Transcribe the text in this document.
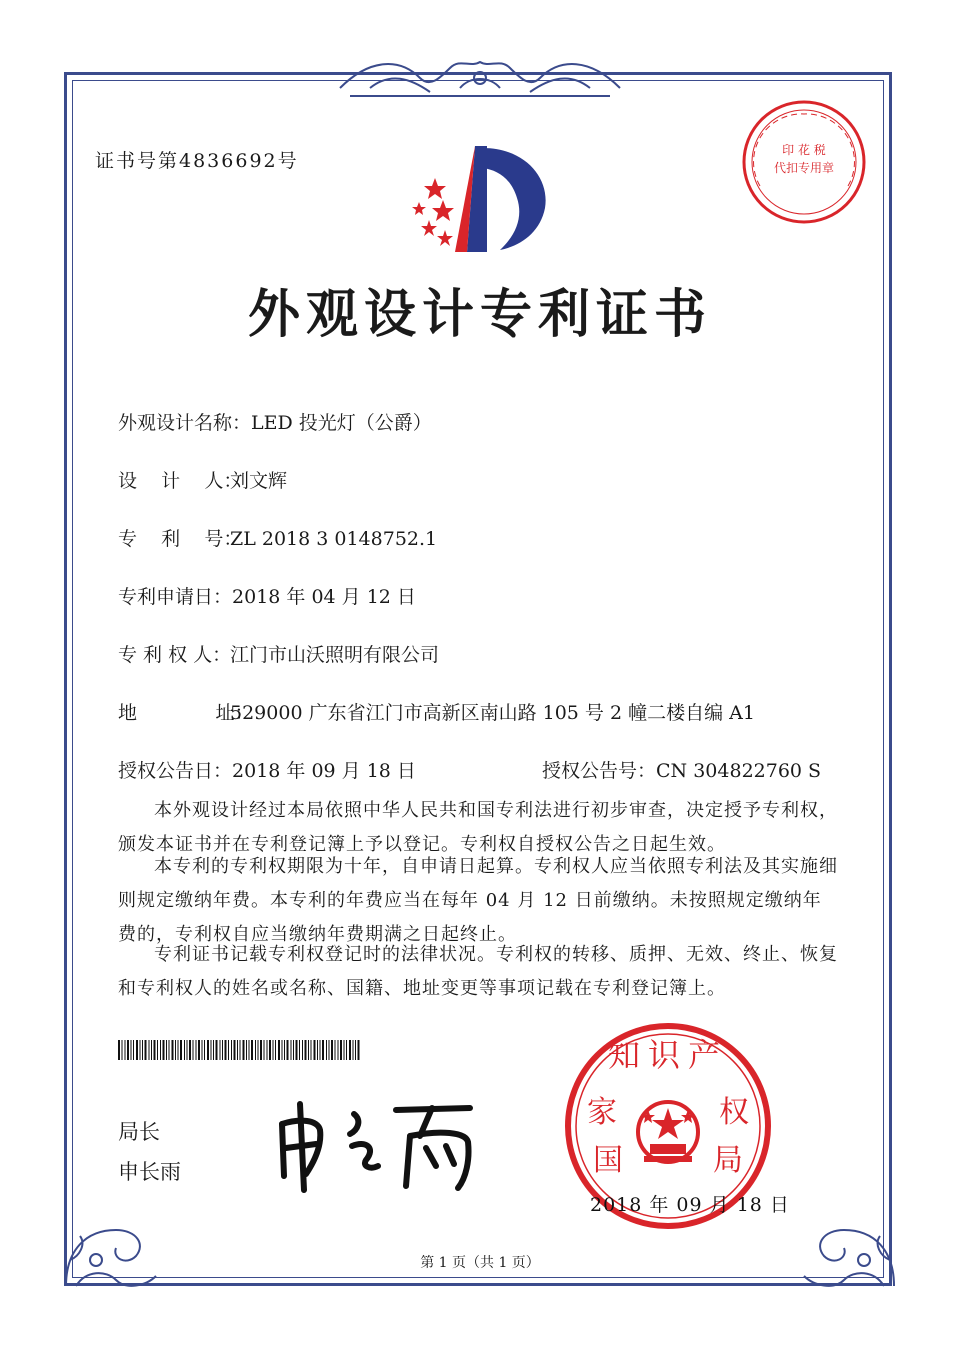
证书号第4836692号	印 花 税
代扣专用章
外观设计专利证书
外观设计名称：LED 投光灯（公爵）
设    计    人：刘文辉
专    利    号：ZL 2018 3 0148752.1
专利申请日：2018 年 04 月 12 日
专 利 权 人：江门市山沃照明有限公司
地             址：529000 广东省江门市高新区南山路 105 号 2 幢二楼自编 A1
授权公告日：2018 年 09 月 18 日	授权公告号：CN 304822760 S

本外观设计经过本局依照中华人民共和国专利法进行初步审查，决定授予专利权，颁发本证书并在专利登记簿上予以登记。专利权自授权公告之日起生效。

本专利的专利权期限为十年，自申请日起算。专利权人应当依照专利法及其实施细则规定缴纳年费。本专利的年费应当在每年 04 月 12 日前缴纳。未按照规定缴纳年费的，专利权自应当缴纳年费期满之日起终止。

专利证书记载专利权登记时的法律状况。专利权的转移、质押、无效、终止、恢复和专利权人的姓名或名称、国籍、地址变更等事项记载在专利登记簿上。

局长
申长雨
知识产
家
国
权
局
2018 年 09 月 18 日
第 1 页（共 1 页）
